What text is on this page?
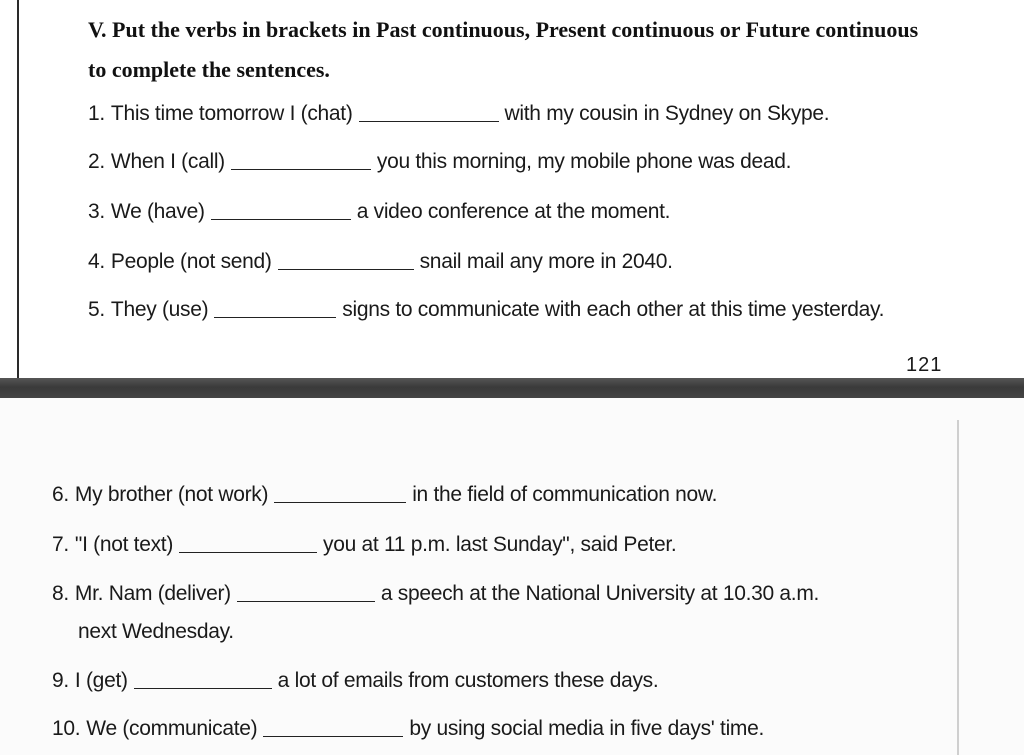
V. Put the verbs in brackets in Past continuous, Present continuous or Future continuous
to complete the sentences.
1. This time tomorrow I (chat)	with my cousin in Sydney on Skype.
2. When I (call)	you this morning, my mobile phone was dead.
3. We (have)	a video conference at the moment.
4. People (not send)	snail mail any more in 2040.
5. They (use)	signs to communicate with each other at this time yesterday.
121
6. My brother (not work)	in the field of communication now.
7. "I (not text)	you at 11 p.m. last Sunday", said Peter.
8. Mr. Nam (deliver)	a speech at the National University at 10.30 a.m.
next Wednesday.
9. I (get)	a lot of emails from customers these days.
10. We (communicate)	by using social media in five days' time.
